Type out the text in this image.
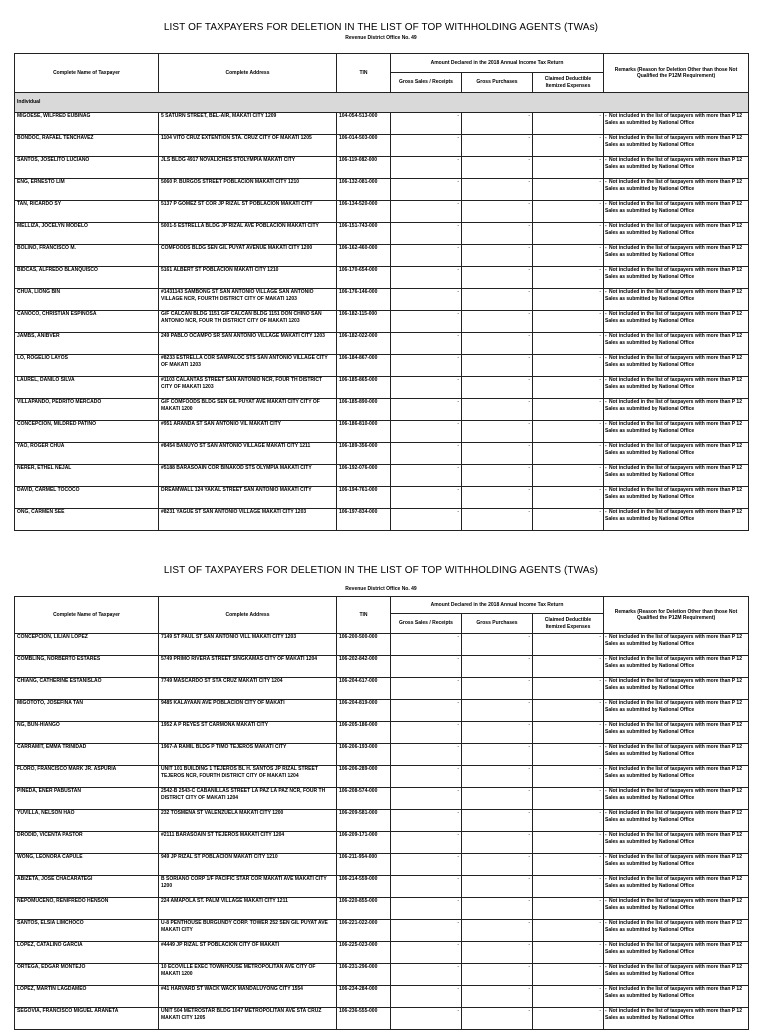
LIST OF TAXPAYERS FOR DELETION IN THE LIST OF TOP WITHHOLDING AGENTS (TWAs)
Revenue District Office No. 49
Complete Name of Taxpayer	Complete Address	TIN	Amount Declared in the 2018 Annual Income Tax Return			Remarks (Reason for Deletion Other than those Not Qualified the P12M Requirement)
			Gross Sales / Receipts	Gross Purchases	Claimed Deductible Itemized Expenses	
Individual						
MIGOESE, WILFRED EUBINAG	5 SATURN STREET, BEL-AIR, MAKATI CITY 1209	104-054-513-000	-	-	-	- Not included in the list of taxpayers with more than P 12 Sales as submitted by National Office
BONDOC, RAFAEL TENCHAVEZ	1104 VITO CRUZ EXTENTION STA. CRUZ CITY OF MAKATI 1205	106-014-503-000	-	-	-	- Not included in the list of taxpayers with more than P 12 Sales as submitted by National Office
SANTOS, JOSELITO LUCIANO	JLS BLDG 4917 NOVALICHES STOLYMPIA MAKATI CITY	106-119-082-000	-	-	-	- Not included in the list of taxpayers with more than P 12 Sales as submitted by National Office
ENG, ERNESTO LIM	5060 P. BURGOS STREET POBLACION MAKATI CITY 1210	106-132-081-000	-	-	-	- Not included in the list of taxpayers with more than P 12 Sales as submitted by National Office
TAN, RICARDO SY	5137 P GOMEZ ST COR JP RIZAL ST POBLACION MAKATI CITY	106-134-520-000	-	-	-	- Not included in the list of taxpayers with more than P 12 Sales as submitted by National Office
MELLIZA, JOCELYN MODELO	5001-5 ESTRELLA BLDG JP RIZAL AVE POBLACION MAKATI CITY	106-151-743-000	-	-	-	- Not included in the list of taxpayers with more than P 12 Sales as submitted by National Office
BOLINO, FRANCISCO M.	COMFOODS BLDG SEN GIL PUYAT AVENUE MAKATI CITY 1200	106-162-460-000	-	-	-	- Not included in the list of taxpayers with more than P 12 Sales as submitted by National Office
BIDCAS, ALFREDO BLANQUISCO	5161 ALBERT ST POBLACION MAKATI CITY 1210	106-170-654-000	-	-	-	- Not included in the list of taxpayers with more than P 12 Sales as submitted by National Office
CHUA, LIONG BIN	#1431143 SAMBONG ST SAN ANTONIO VILLAGE SAN ANTONIO VILLAGE NCR, FOURTH DISTRICT CITY OF MAKATI 1203	106-176-146-000	-	-	-	- Not included in the list of taxpayers with more than P 12 Sales as submitted by National Office
CANOCO, CHRISTIAN ESPINOSA	G/F CALCAN BLDG 1151 G/F CALCAN BLDG 1151 DON CHINO SAN ANTONIO NCR, FOUR TH DISTRICT CITY OF MAKATI 1203	106-182-115-000	-	-	-	- Not included in the list of taxpayers with more than P 12 Sales as submitted by National Office
JAMBS, ANIBVER	249 PABLO OCAMPO SR SAN ANTONIO VILLAGE MAKATI CITY 1203	106-182-022-000	-	-	-	- Not included in the list of taxpayers with more than P 12 Sales as submitted by National Office
LO, ROGELIO LAYOS	#8233 ESTRELLA COR SAMPALOC STS SAN ANTONIO VILLAGE CITY OF MAKATI 1203	106-184-867-000	-	-	-	- Not included in the list of taxpayers with more than P 12 Sales as submitted by National Office
LAUREL, DANILO SILVA	#1103 CALANTAS STREET SAN ANTONIO NCR, FOUR TH DISTRICT CITY OF MAKATI 1203	106-185-865-000	-	-	-	- Not included in the list of taxpayers with more than P 12 Sales as submitted by National Office
VILLAPANDO, PEDRITO MERCADO	G/F COMFOODS BLDG SEN GIL PUYAT AVE MAKATI CITY CITY OF MAKATI 1200	106-185-890-000	-	-	-	- Not included in the list of taxpayers with more than P 12 Sales as submitted by National Office
CONCEPCION, MILDRED PATINO	#951 ARANDA ST SAN ANTONIO VIL MAKATI CITY	106-186-810-000	-	-	-	- Not included in the list of taxpayers with more than P 12 Sales as submitted by National Office
YAO, ROGER CHUA	#8454 BANUYO ST SAN ANTONIO VILLAGE MAKATI CITY 1211	106-189-356-000	-	-	-	- Not included in the list of taxpayers with more than P 12 Sales as submitted by National Office
NERER, ETHEL NEJAL	#5188 BARASOAIN COR BINAKOD STS OLYMPIA MAKATI CITY	106-192-076-000	-	-	-	- Not included in the list of taxpayers with more than P 12 Sales as submitted by National Office
DAVID, CARMEL TOCOCO	DREAMWALL 124 YAKAL STREET SAN ANTONIO MAKATI CITY	106-194-761-000	-	-	-	- Not included in the list of taxpayers with more than P 12 Sales as submitted by National Office
ONG, CARMEN SEE	#8231 YAGUE ST SAN ANTONIO VILLAGE MAKATI CITY 1203	106-197-834-000	-	-	-	- Not included in the list of taxpayers with more than P 12 Sales as submitted by National Office
LIST OF TAXPAYERS FOR DELETION IN THE LIST OF TOP WITHHOLDING AGENTS (TWAs)
Revenue District Office No. 49
Complete Name of Taxpayer	Complete Address	TIN	Amount Declared in the 2018 Annual Income Tax Return			Remarks (Reason for Deletion Other than those Not Qualified the P12M Requirement)
			Gross Sales / Receipts	Gross Purchases	Claimed Deductible Itemized Expenses	
CONCEPCION, LILIAN LOPEZ	7149 ST PAUL ST SAN ANTONIO VILL MAKATI CITY 1203	106-200-500-000	-	-	-	- Not included in the list of taxpayers with more than P 12 Sales as submitted by National Office
COMBLING, NORBERTO ESTARES	5749 PRIMO RIVERA STREET SINGKAMAS CITY OF MAKATI 1204	106-202-842-000	-	-	-	- Not included in the list of taxpayers with more than P 12 Sales as submitted by National Office
CHIANG, CATHERINE ESTANISLAO	7749 MASCARDO ST STA CRUZ MAKATI CITY 1204	106-204-617-000	-	-	-	- Not included in the list of taxpayers with more than P 12 Sales as submitted by National Office
MIGOTOTO, JOSEFINA TAN	9485 KALAYAAN AVE POBLACION CITY OF MAKATI	106-204-819-000	-	-	-	- Not included in the list of taxpayers with more than P 12 Sales as submitted by National Office
NG, BUN-HIANGO	1952 A P REYES ST CARMONA MAKATI CITY	106-205-186-000	-	-	-	- Not included in the list of taxpayers with more than P 12 Sales as submitted by National Office
CARRAMIT, EMMA TRINIDAD	1967-A RAMIL BLDG P TIMO TEJEROS MAKATI CITY	106-206-193-000	-	-	-	- Not included in the list of taxpayers with more than P 12 Sales as submitted by National Office
FLORO, FRANCISCO MARK JR. ASPURIA	UNIT 101 BUILDING 1 TEJEROS BL H. SANTOS JP RIZAL STREET TEJEROS NCR, FOURTH DISTRICT CITY OF MAKATI 1204	106-206-289-000	-	-	-	- Not included in the list of taxpayers with more than P 12 Sales as submitted by National Office
PINEDA, ENER PABUSTAN	2542-B 2543-C CABANILLAS STREET LA PAZ LA PAZ NCR, FOUR TH DISTRICT CITY OF MAKATI 1204	106-208-574-000	-	-	-	- Not included in the list of taxpayers with more than P 12 Sales as submitted by National Office
YUVILLA, NELSON HAO	232 TOSMENA ST VALENZUELA MAKATI CITY 1200	106-209-581-000	-	-	-	- Not included in the list of taxpayers with more than P 12 Sales as submitted by National Office
DRODID, VICENTA PASTOR	#2111 BARASOAIN ST TEJEROS MAKATI CITY 1204	106-209-171-000	-	-	-	- Not included in the list of taxpayers with more than P 12 Sales as submitted by National Office
WONG, LEONORA CAPULE	949 JP RIZAL ST POBLACION MAKATI CITY 1210	106-211-954-000	-	-	-	- Not included in the list of taxpayers with more than P 12 Sales as submitted by National Office
ABIZETA, JOSE CHACARATEGI	B SORIANO CORP 1/F PACIFIC STAR COR MAKATI AVE MAKATI CITY 1200	106-214-559-000	-	-	-	- Not included in the list of taxpayers with more than P 12 Sales as submitted by National Office
NEPOMUCENO, RENIFREDO HENSON	224 AMAPOLA ST. PALM VILLAGE MAKATI CITY 1211	106-220-855-000	-	-	-	- Not included in the list of taxpayers with more than P 12 Sales as submitted by National Office
SANTOS, ELSIA LIMCHOCO	U-8 PENTHOUSE BURGUNDY CORP. TOWER 252 SEN GIL PUYAT AVE MAKATI CITY	106-221-022-000	-	-	-	- Not included in the list of taxpayers with more than P 12 Sales as submitted by National Office
LOPEZ, CATALINO GARCIA	#4449 JP RIZAL ST POBLACION CITY OF MAKATI	106-225-023-000	-	-	-	- Not included in the list of taxpayers with more than P 12 Sales as submitted by National Office
ORTEGA, EDGAR MONTEJO	10 ECOVILLE EXEC TOWNHOUSE METROPOLITAN AVE CITY OF MAKATI 1200	106-231-296-000	-	-	-	- Not included in the list of taxpayers with more than P 12 Sales as submitted by National Office
LOPEZ, MARTIN LAGDAMEO	#41 HARVARD ST WACK WACK MANDALUYONG CITY 1554	106-234-284-000	-	-	-	- Not included in the list of taxpayers with more than P 12 Sales as submitted by National Office
SEGOVIA, FRANCISCO MIGUEL ARANETA	UNIT 504 METROSTAR BLDG 1047 METROPOLITAN AVE STA CRUZ MAKATI CITY 1205	106-236-555-000	-	-	-	- Not included in the list of taxpayers with more than P 12 Sales as submitted by National Office
